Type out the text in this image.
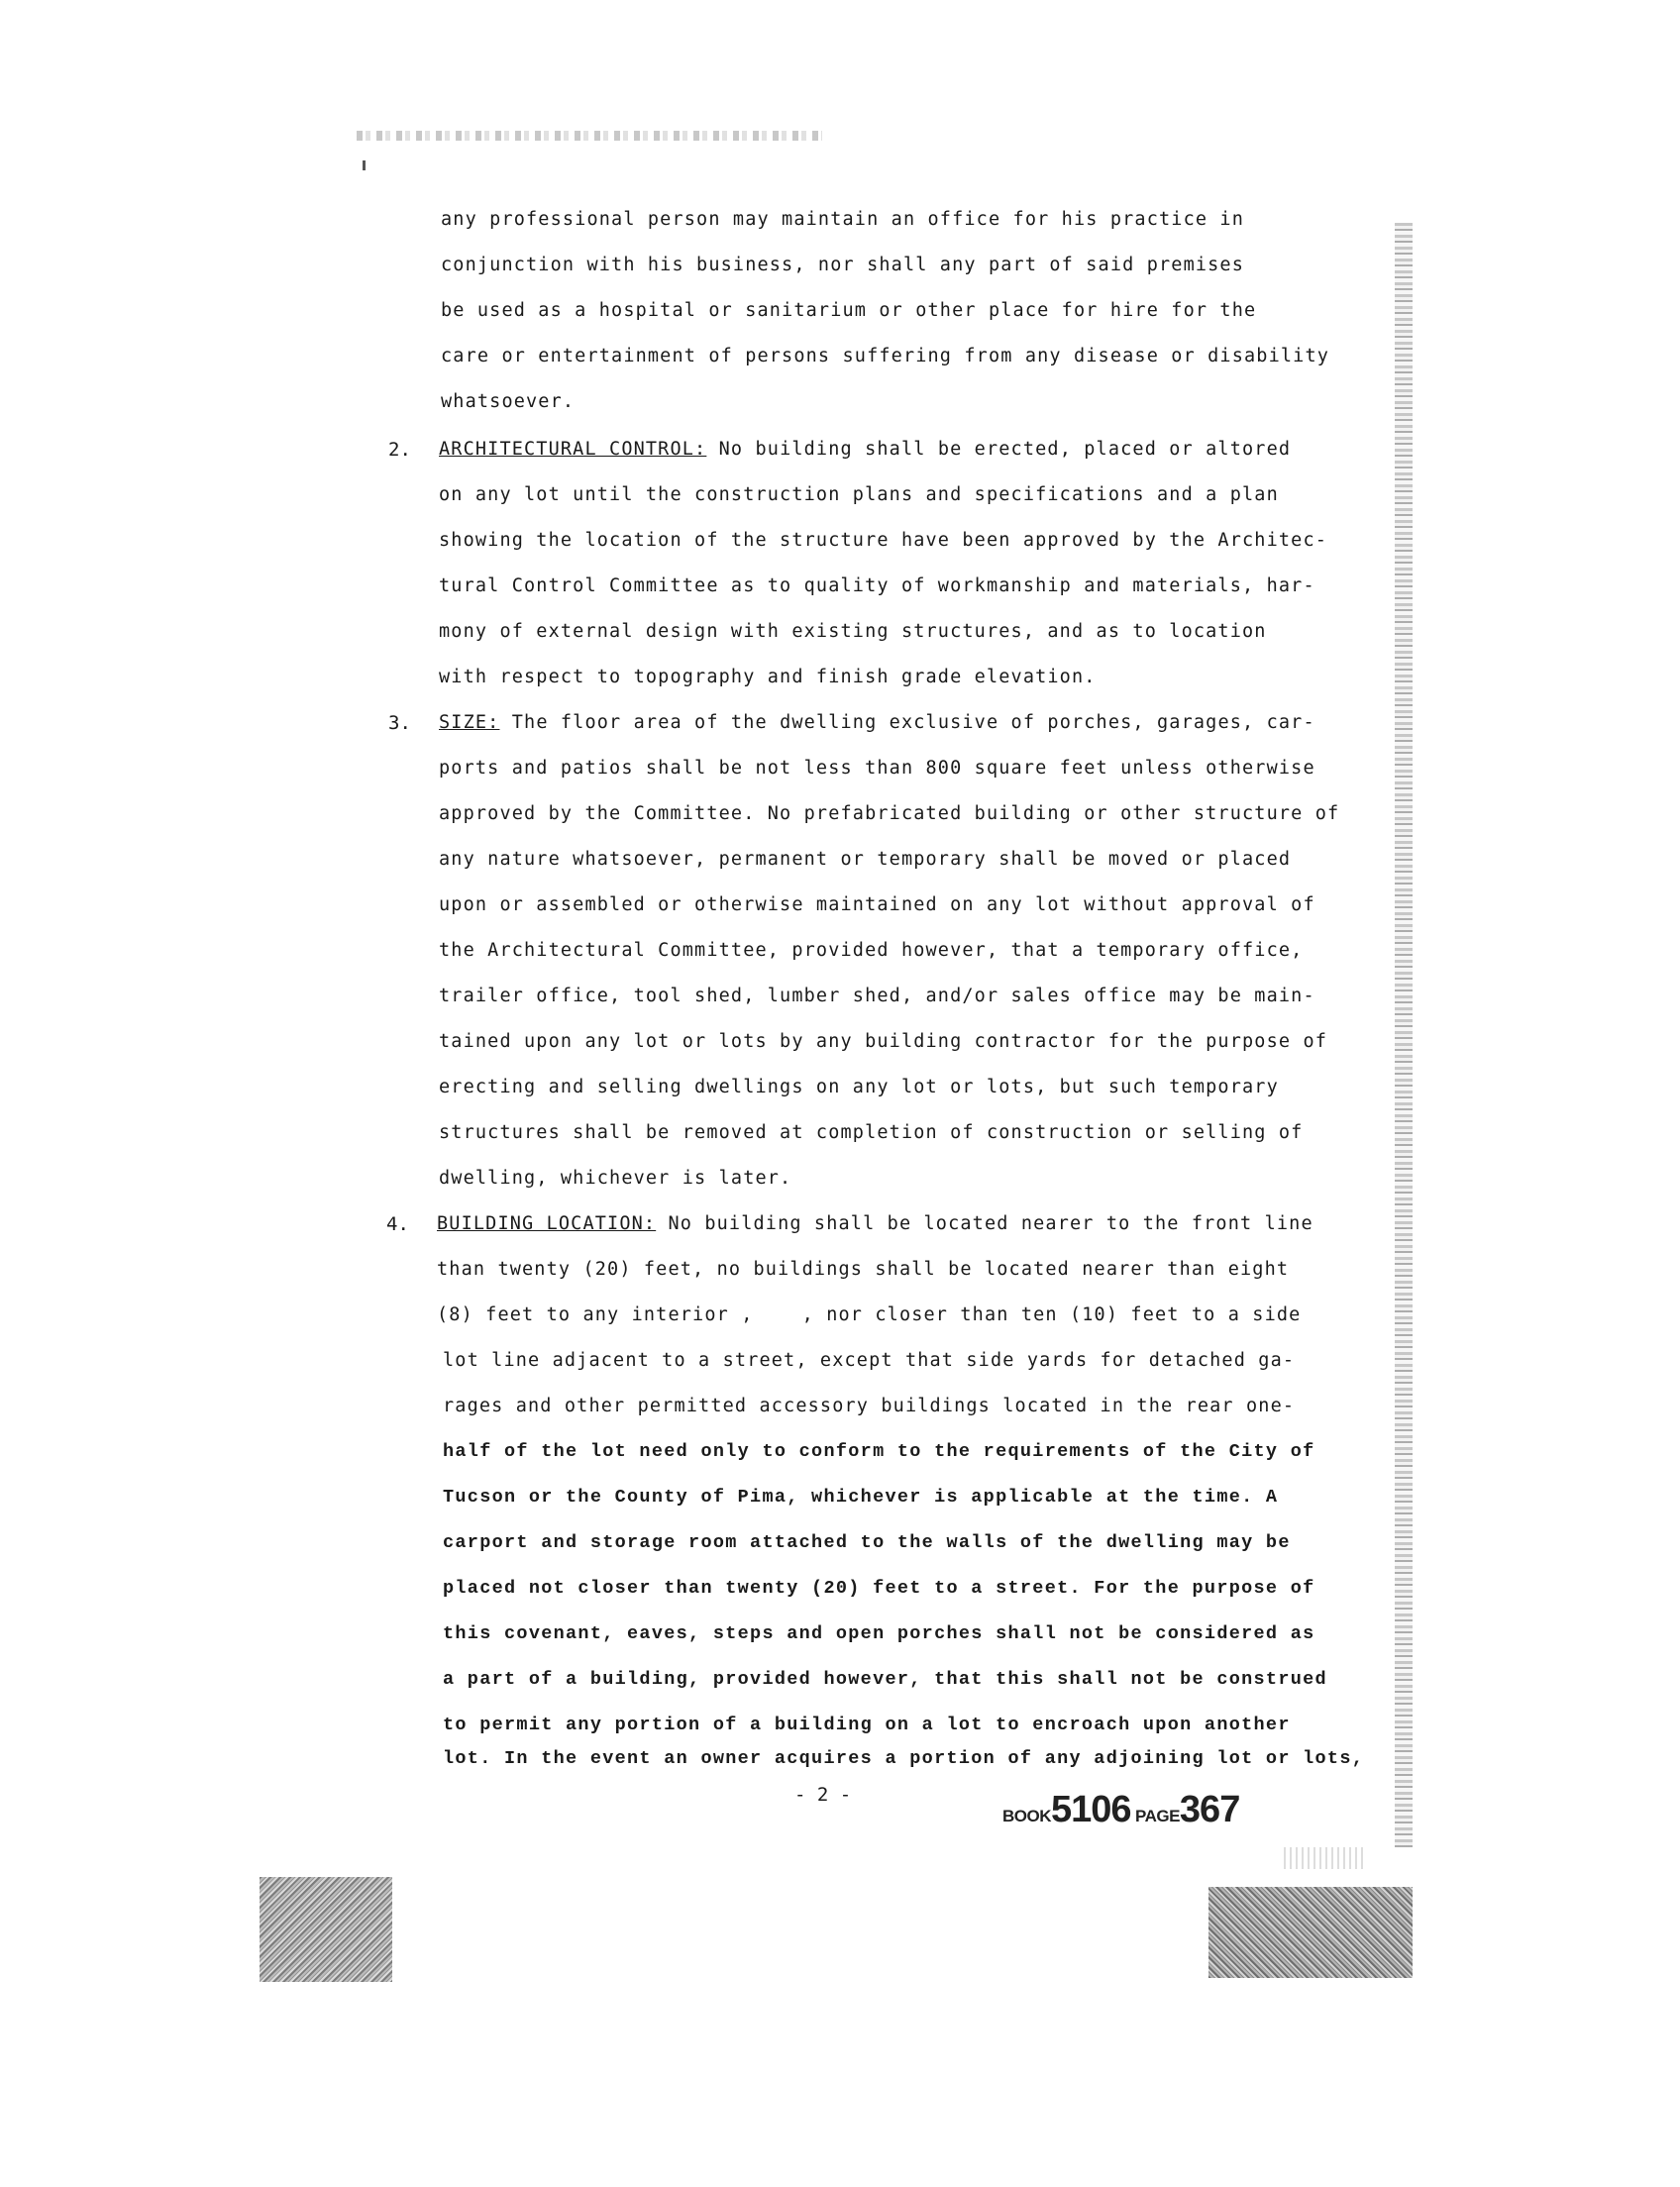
any professional person may maintain an office for his practice in
conjunction with his business, nor shall any part of said premises
be used as a hospital or sanitarium or other place for hire for the
care or entertainment of persons suffering from any disease or disability
whatsoever.
2. ARCHITECTURAL CONTROL: No building shall be erected, placed or altored
on any lot until the construction plans and specifications and a plan
showing the location of the structure have been approved by the Architec-
tural Control Committee as to quality of workmanship and materials, har-
mony of external design with existing structures, and as to location
with respect to topography and finish grade elevation.
3. SIZE: The floor area of the dwelling exclusive of porches, garages, car-
ports and patios shall be not less than 800 square feet unless otherwise
approved by the Committee. No prefabricated building or other structure of
any nature whatsoever, permanent or temporary shall be moved or placed
upon or assembled or otherwise maintained on any lot without approval of
the Architectural Committee, provided however, that a temporary office,
trailer office, tool shed, lumber shed, and/or sales office may be main-
tained upon any lot or lots by any building contractor for the purpose of
erecting and selling dwellings on any lot or lots, but such temporary
structures shall be removed at completion of construction or selling of
dwelling, whichever is later.
4. BUILDING LOCATION: No building shall be located nearer to the front line
than twenty (20) feet, no buildings shall be located nearer than eight
(8) feet to any interior ,    , nor closer than ten (10) feet to a side
lot line adjacent to a street, except that side yards for detached ga-
rages and other permitted accessory buildings located in the rear one-
half of the lot need only to conform to the requirements of the City of
Tucson or the County of Pima, whichever is applicable at the time. A
carport and storage room attached to the walls of the dwelling may be
placed not closer than twenty (20) feet to a street. For the purpose of
this covenant, eaves, steps and open porches shall not be considered as
a part of a building, provided however, that this shall not be construed
to permit any portion of a building on a lot to encroach upon another
lot. In the event an owner acquires a portion of any adjoining lot or lots,
- 2 -
BOOK5106 PAGE367
